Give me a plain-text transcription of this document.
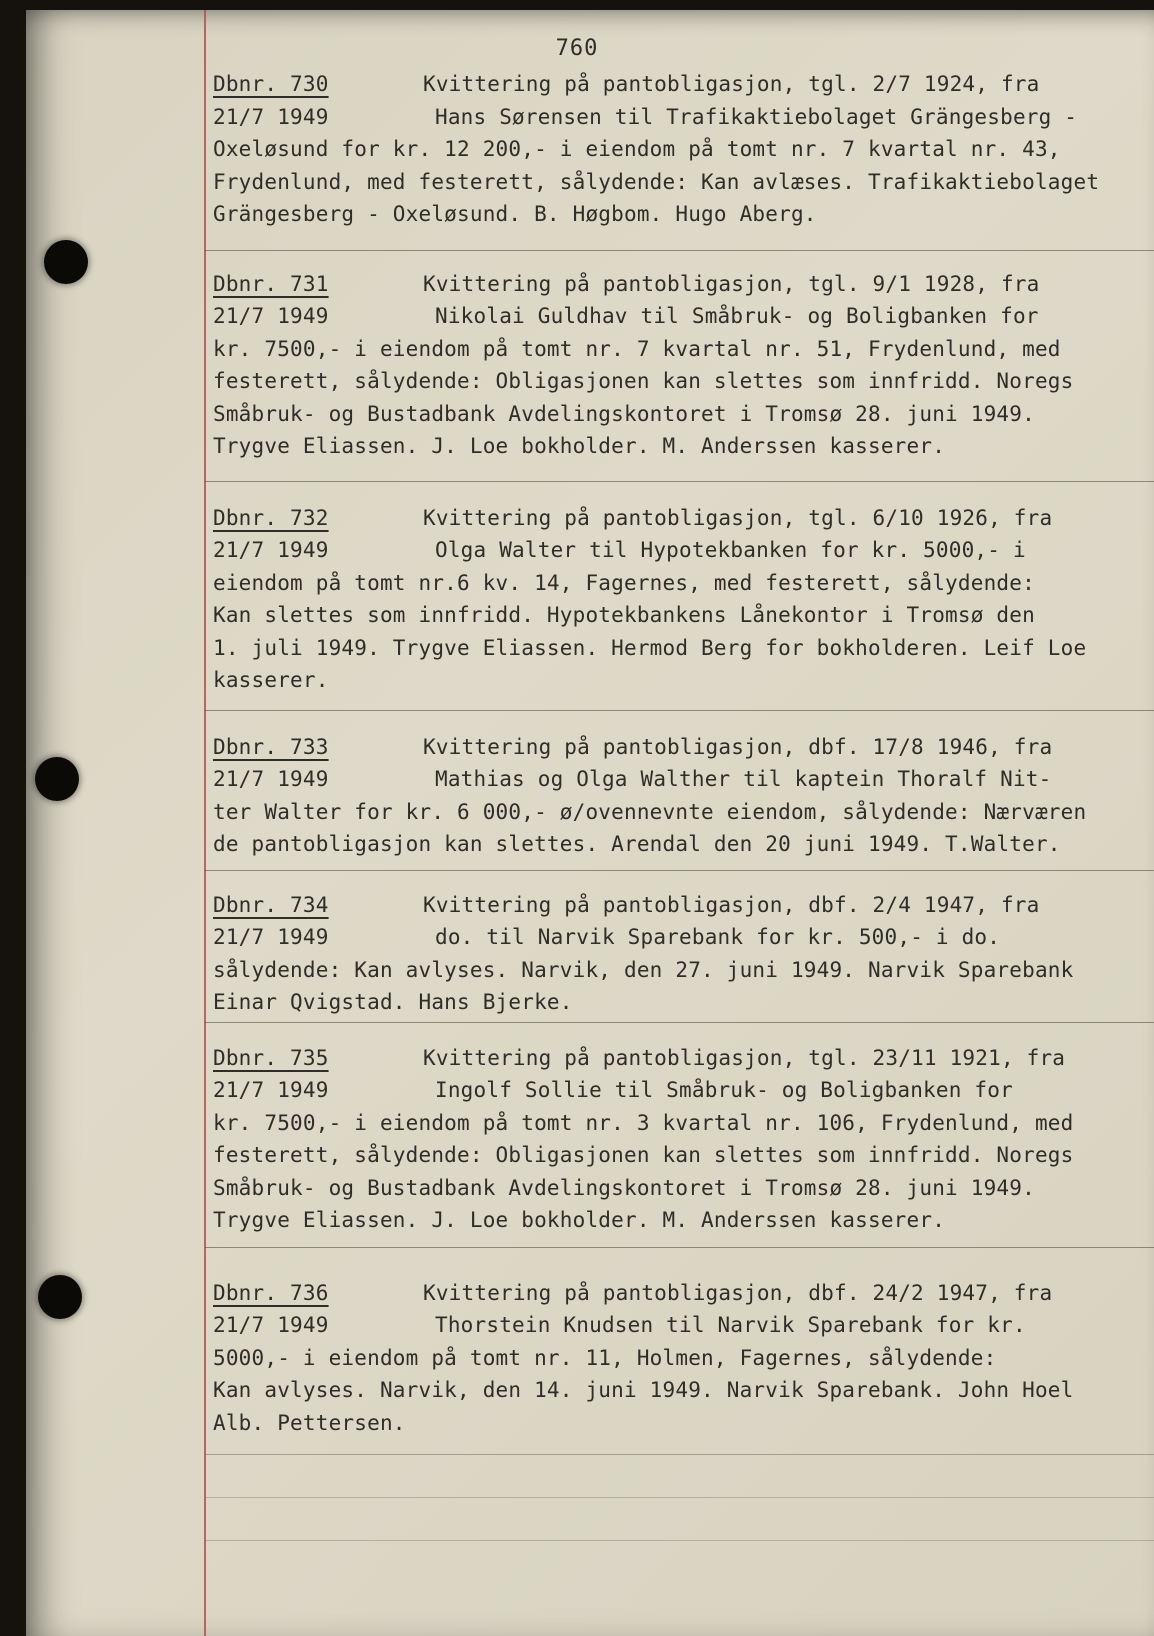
760
Dbnr. 730	Kvittering på pantobligasjon, tgl. 2/7 1924, fra
21/7 1949	Hans Sørensen til Trafikaktiebolaget Grängesberg -
Oxeløsund for kr. 12 200,- i eiendom på tomt nr. 7 kvartal nr. 43,
Frydenlund, med festerett, sålydende: Kan avlæses. Trafikaktiebolaget
Grängesberg - Oxeløsund. B. Høgbom. Hugo Aberg.
Dbnr. 731	Kvittering på pantobligasjon, tgl. 9/1 1928, fra
21/7 1949	Nikolai Guldhav til Småbruk- og Boligbanken for
kr. 7500,- i eiendom på tomt nr. 7 kvartal nr. 51, Frydenlund, med
festerett, sålydende: Obligasjonen kan slettes som innfridd. Noregs
Småbruk- og Bustadbank Avdelingskontoret i Tromsø 28. juni 1949.
Trygve Eliassen. J. Loe bokholder. M. Anderssen kasserer.
Dbnr. 732	Kvittering på pantobligasjon, tgl. 6/10 1926, fra
21/7 1949	Olga Walter til Hypotekbanken for kr. 5000,- i
eiendom på tomt nr.6 kv. 14, Fagernes, med festerett, sålydende:
Kan slettes som innfridd. Hypotekbankens Lånekontor i Tromsø den
1. juli 1949. Trygve Eliassen. Hermod Berg for bokholderen. Leif Loe
kasserer.
Dbnr. 733	Kvittering på pantobligasjon, dbf. 17/8 1946, fra
21/7 1949	Mathias og Olga Walther til kaptein Thoralf Nit-
ter Walter for kr. 6 000,- ø/ovennevnte eiendom, sålydende: Nærværen
de pantobligasjon kan slettes. Arendal den 20 juni 1949. T.Walter.
Dbnr. 734	Kvittering på pantobligasjon, dbf. 2/4 1947, fra
21/7 1949	do. til Narvik Sparebank for kr. 500,- i do.
sålydende: Kan avlyses. Narvik, den 27. juni 1949. Narvik Sparebank
Einar Qvigstad. Hans Bjerke.
Dbnr. 735	Kvittering på pantobligasjon, tgl. 23/11 1921, fra
21/7 1949	Ingolf Sollie til Småbruk- og Boligbanken for
kr. 7500,- i eiendom på tomt nr. 3 kvartal nr. 106, Frydenlund, med
festerett, sålydende: Obligasjonen kan slettes som innfridd. Noregs
Småbruk- og Bustadbank Avdelingskontoret i Tromsø 28. juni 1949.
Trygve Eliassen. J. Loe bokholder. M. Anderssen kasserer.
Dbnr. 736	Kvittering på pantobligasjon, dbf. 24/2 1947, fra
21/7 1949	Thorstein Knudsen til Narvik Sparebank for kr.
5000,- i eiendom på tomt nr. 11, Holmen, Fagernes, sålydende:
Kan avlyses. Narvik, den 14. juni 1949. Narvik Sparebank. John Hoel
Alb. Pettersen.
